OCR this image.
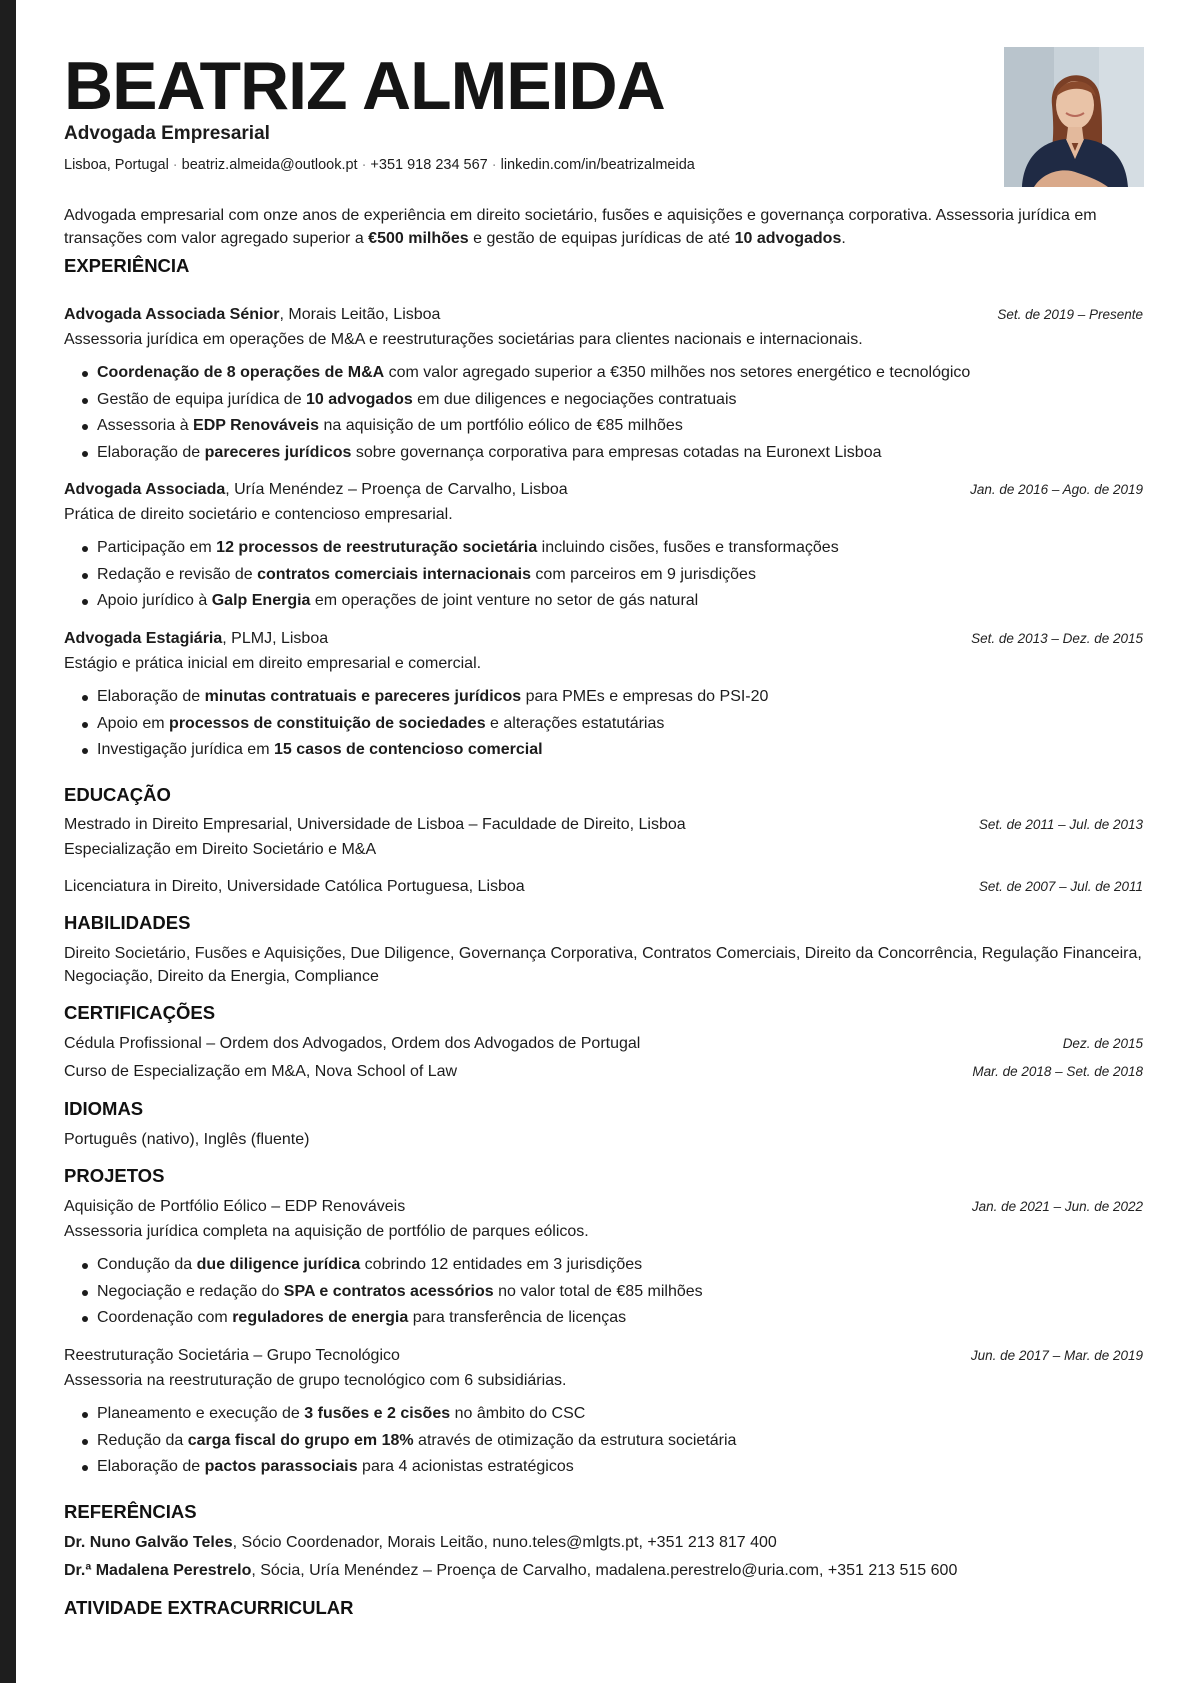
BEATRIZ ALMEIDA
Advogada Empresarial
Lisboa, Portugal · beatriz.almeida@outlook.pt · +351 918 234 567 · linkedin.com/in/beatrizalmeida
Advogada empresarial com onze anos de experiência em direito societário, fusões e aquisições e governança corporativa. Assessoria jurídica em transações com valor agregado superior a €500 milhões e gestão de equipas jurídicas de até 10 advogados.
EXPERIÊNCIA
Advogada Associada Sénior, Morais Leitão, Lisboa	Set. de 2019 – Presente
Assessoria jurídica em operações de M&A e reestruturações societárias para clientes nacionais e internacionais.
Coordenação de 8 operações de M&A com valor agregado superior a €350 milhões nos setores energético e tecnológico
Gestão de equipa jurídica de 10 advogados em due diligences e negociações contratuais
Assessoria à EDP Renováveis na aquisição de um portfólio eólico de €85 milhões
Elaboração de pareceres jurídicos sobre governança corporativa para empresas cotadas na Euronext Lisboa
Advogada Associada, Uría Menéndez – Proença de Carvalho, Lisboa	Jan. de 2016 – Ago. de 2019
Prática de direito societário e contencioso empresarial.
Participação em 12 processos de reestruturação societária incluindo cisões, fusões e transformações
Redação e revisão de contratos comerciais internacionais com parceiros em 9 jurisdições
Apoio jurídico à Galp Energia em operações de joint venture no setor de gás natural
Advogada Estagiária, PLMJ, Lisboa	Set. de 2013 – Dez. de 2015
Estágio e prática inicial em direito empresarial e comercial.
Elaboração de minutas contratuais e pareceres jurídicos para PMEs e empresas do PSI-20
Apoio em processos de constituição de sociedades e alterações estatutárias
Investigação jurídica em 15 casos de contencioso comercial
EDUCAÇÃO
Mestrado in Direito Empresarial, Universidade de Lisboa – Faculdade de Direito, Lisboa	Set. de 2011 – Jul. de 2013
Especialização em Direito Societário e M&A
Licenciatura in Direito, Universidade Católica Portuguesa, Lisboa	Set. de 2007 – Jul. de 2011
HABILIDADES
Direito Societário, Fusões e Aquisições, Due Diligence, Governança Corporativa, Contratos Comerciais, Direito da Concorrência, Regulação Financeira, Negociação, Direito da Energia, Compliance
CERTIFICAÇÕES
Cédula Profissional – Ordem dos Advogados, Ordem dos Advogados de Portugal	Dez. de 2015
Curso de Especialização em M&A, Nova School of Law	Mar. de 2018 – Set. de 2018
IDIOMAS
Português (nativo), Inglês (fluente)
PROJETOS
Aquisição de Portfólio Eólico – EDP Renováveis	Jan. de 2021 – Jun. de 2022
Assessoria jurídica completa na aquisição de portfólio de parques eólicos.
Condução da due diligence jurídica cobrindo 12 entidades em 3 jurisdições
Negociação e redação do SPA e contratos acessórios no valor total de €85 milhões
Coordenação com reguladores de energia para transferência de licenças
Reestruturação Societária – Grupo Tecnológico	Jun. de 2017 – Mar. de 2019
Assessoria na reestruturação de grupo tecnológico com 6 subsidiárias.
Planeamento e execução de 3 fusões e 2 cisões no âmbito do CSC
Redução da carga fiscal do grupo em 18% através de otimização da estrutura societária
Elaboração de pactos parassociais para 4 acionistas estratégicos
REFERÊNCIAS
Dr. Nuno Galvão Teles, Sócio Coordenador, Morais Leitão, nuno.teles@mlgts.pt, +351 213 817 400
Dr.ª Madalena Perestrelo, Sócia, Uría Menéndez – Proença de Carvalho, madalena.perestrelo@uria.com, +351 213 515 600
ATIVIDADE EXTRACURRICULAR
